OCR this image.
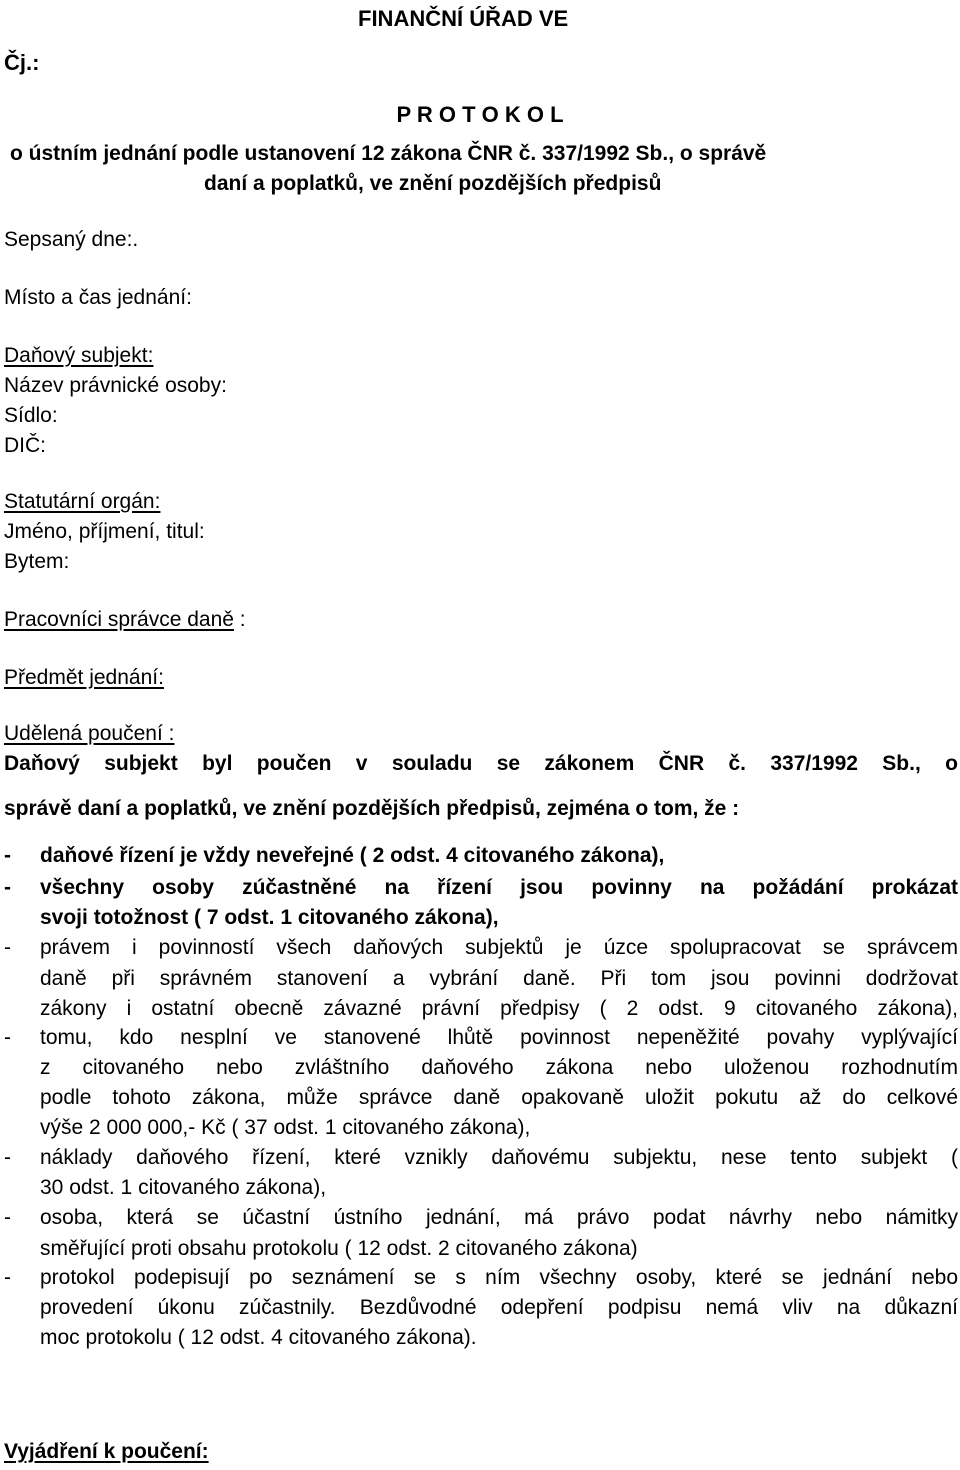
FINANČNÍ ÚŘAD VE
Čj.:
P R O T O K O L
o ústním jednání podle ustanovení 12 zákona ČNR č. 337/1992 Sb., o správě
daní a poplatků, ve znění pozdějších předpisů
Sepsaný dne:.
Místo a čas jednání:
Daňový subjekt:
Název právnické osoby:
Sídlo:
DIČ:
Statutární orgán:
Jméno, příjmení, titul:
Bytem:
Pracovníci správce daně :
Předmět jednání:
Udělená poučení :
Daňový subjekt byl poučen v souladu se zákonem ČNR č. 337/1992 Sb., o
správě daní a poplatků, ve znění pozdějších předpisů, zejména o tom, že :
- daňové řízení je vždy neveřejné ( 2 odst. 4 citovaného zákona),
- všechny osoby zúčastněné na řízení jsou povinny na požádání prokázat
svoji totožnost ( 7 odst. 1 citovaného zákona),
- právem i povinností všech daňových subjektů je úzce spolupracovat se správcem
daně při správném stanovení a vybrání daně. Při tom jsou povinni dodržovat
zákony i ostatní obecně závazné právní předpisy ( 2 odst. 9 citovaného zákona),
- tomu, kdo nesplní ve stanovené lhůtě povinnost nepeněžité povahy vyplývající
z citovaného nebo zvláštního daňového zákona nebo uloženou rozhodnutím
podle tohoto zákona, může správce daně opakovaně uložit pokutu až do celkové
výše 2 000 000,- Kč ( 37 odst. 1 citovaného zákona),
- náklady daňového řízení, které vznikly daňovému subjektu, nese tento subjekt (
30 odst. 1 citovaného zákona),
- osoba, která se účastní ústního jednání, má právo podat návrhy nebo námitky
směřující proti obsahu protokolu ( 12 odst. 2 citovaného zákona)
- protokol podepisují po seznámení se s ním všechny osoby, které se jednání nebo
provedení úkonu zúčastnily. Bezdůvodné odepření podpisu nemá vliv na důkazní
moc protokolu ( 12 odst. 4 citovaného zákona).
Vyjádření k poučení:
